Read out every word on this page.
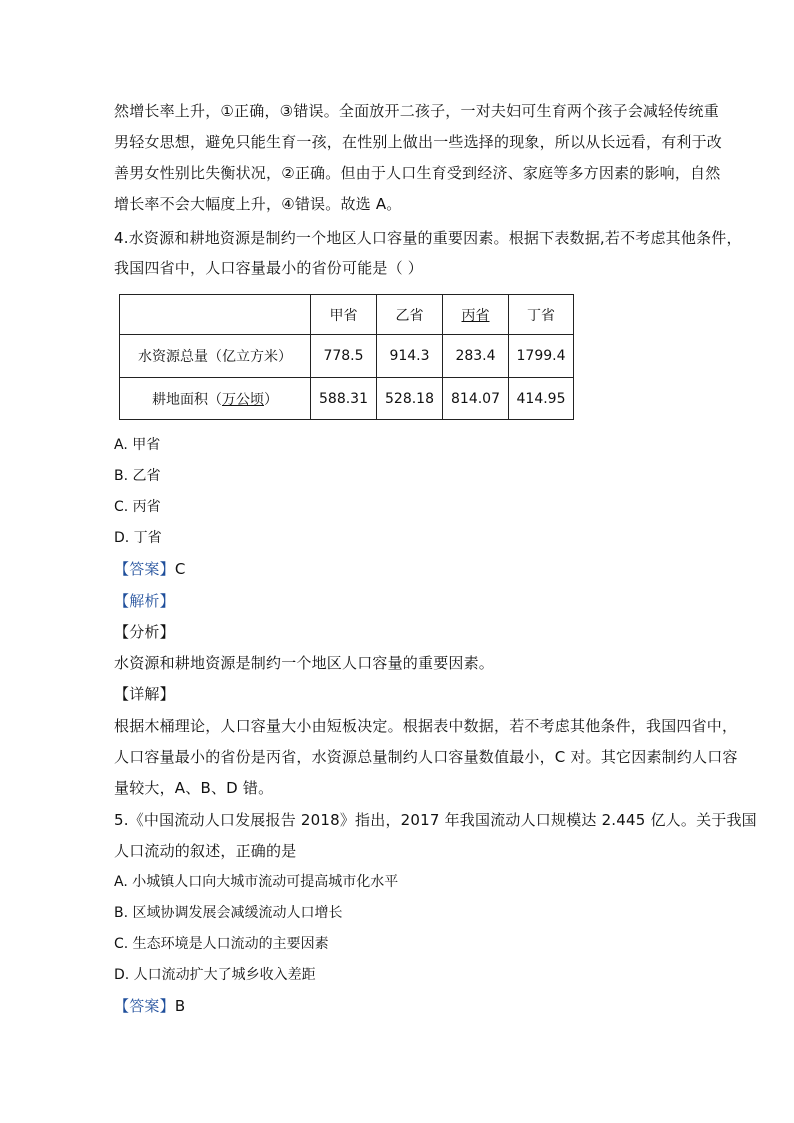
然增长率上升，①正确，③错误。全面放开二孩子，一对夫妇可生育两个孩子会减轻传统重
男轻女思想，避免只能生育一孩，在性别上做出一些选择的现象，所以从长远看，有利于改
善男女性别比失衡状况，②正确。但由于人口生育受到经济、家庭等多方因素的影响，自然
增长率不会大幅度上升，④错误。故选 A。
4.水资源和耕地资源是制约一个地区人口容量的重要因素。根据下表数据,若不考虑其他条件，
我国四省中，人口容量最小的省份可能是（ ）
	甲省	乙省	丙省	丁省
水资源总量（亿立方米）	778.5	914.3	283.4	1799.4
耕地面积（万公顷）	588.31	528.18	814.07	414.95
A. 甲省
B. 乙省
C. 丙省
D. 丁省
【答案】C
【解析】
【分析】
水资源和耕地资源是制约一个地区人口容量的重要因素。
【详解】
根据木桶理论，人口容量大小由短板决定。根据表中数据，若不考虑其他条件，我国四省中，
人口容量最小的省份是丙省，水资源总量制约人口容量数值最小，C 对。其它因素制约人口容
量较大，A、B、D 错。
5.《中国流动人口发展报告 2018》指出，2017 年我国流动人口规模达 2.445 亿人。关于我国
人口流动的叙述，正确的是
A. 小城镇人口向大城市流动可提高城市化水平
B. 区域协调发展会减缓流动人口增长
C. 生态环境是人口流动的主要因素
D. 人口流动扩大了城乡收入差距
【答案】B
